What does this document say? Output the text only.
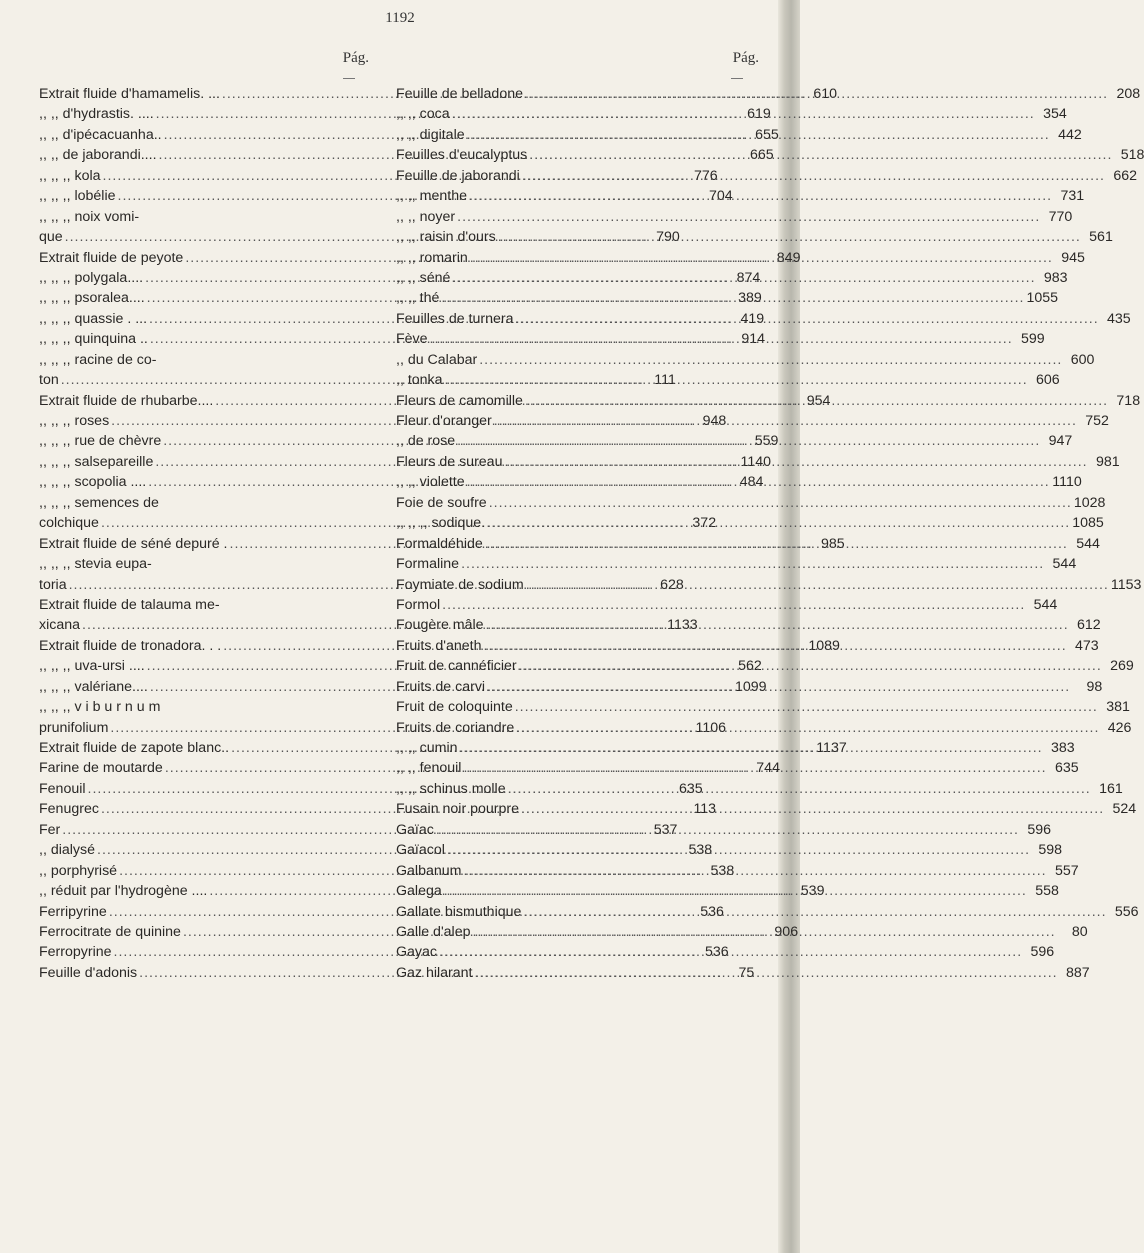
1192
Pág.
Extrait fluide d'hamamelis. ... .....	610
,, ,, d'hydrastis. .... .....	619
,, ,, d'ipécacuanha.. .....	655
,, ,, de jaborandi.... .....	665
,, ,, ,, kola .....	776
,, ,, ,, lobélie .....	704
,, ,, ,, noix vomi-
que .....	790
Extrait fluide de peyote .....	849
,, ,, ,, polygala.... .....	874
,, ,, ,, psoralea.... .....	389
,, ,, ,, quassie . ... .....	419
,, ,, ,, quinquina .. .....	914
,, ,, ,, racine de co-
ton .....	111
Extrait fluide de rhubarbe.... .....	954
,, ,, ,, roses .....	948
,, ,, ,, rue de chèvre .....	559
,, ,, ,, salsepareille .....	1140
,, ,, ,, scopolia .... .....	484
,, ,, ,, semences de
colchique .....	372
Extrait fluide de séné depuré . .....	985
,, ,, ,, stevia eupa-
toria .....	628
Extrait fluide de talauma me-
xicana .....	1133
Extrait fluide de tronadora. . . .....	1089
,, ,, ,, uva-ursi .... .....	562
,, ,, ,, valériane.... .....	1099
,, ,, ,, v i b u r n u m
prunifolium .....	1106
Extrait fluide de zapote blanc.. .....	1137
Farine de moutarde .....	744
Fenouil .....	635
Fenugrec .....	113
Fer .....	537
,, dialysé .....	538
,, porphyrisé .....	538
,, réduit par l'hydrogène .... .....	539
Ferripyrine .....	536
Ferrocitrate de quinine .....	906
Ferropyrine .....	536
Feuille d'adonis .....	75
Pág.
Feuille de belladone .....	208
,, ,, coca .....	354
,, ,, digitale .....	442
Feuilles d'eucalyptus .....	518
Feuille de jaborandi .....	662
,, ,, menthe .....	731
,, ,, noyer .....	770
,, ,, raisin d'ours .....	561
,, ,, romarin .....	945
,, ,, séné .....	983
,, ,, thé .....	1055
Feuilles de turnera .....	435
Fève .....	599
,, du Calabar .....	600
,, tonka .....	606
Fleurs de camomille .....	718
Fleur d'oranger .....	752
,, de rose .....	947
Fleurs de sureau .....	981
,, ,, violette .....	1110
Foie de soufre .....	1028
,, ,, ,, sodique. .....	1085
Formaldéhide .....	544
Formaline .....	544
Foymiate de sodium .....	1153
Formol .....	544
Fougère mâle .....	612
Fruits d'aneth .....	473
Fruit de cannéficier .....	269
Fruits de carvi .....	98
Fruit de coloquinte .....	381
Fruits de coriandre .....	426
,, ,, cumin .....	383
,, ,, fenouil .....	635
,, ,, schinus molle .....	161
Fusain noir pourpre .....	524
Gaïac .....	596
Gaïacol .....	598
Galbanum .....	557
Galega .....	558
Gallate bismuthique .....	556
Galle d'alep .....	80
Gayac .....	596
Gaz hilarant .....	887
